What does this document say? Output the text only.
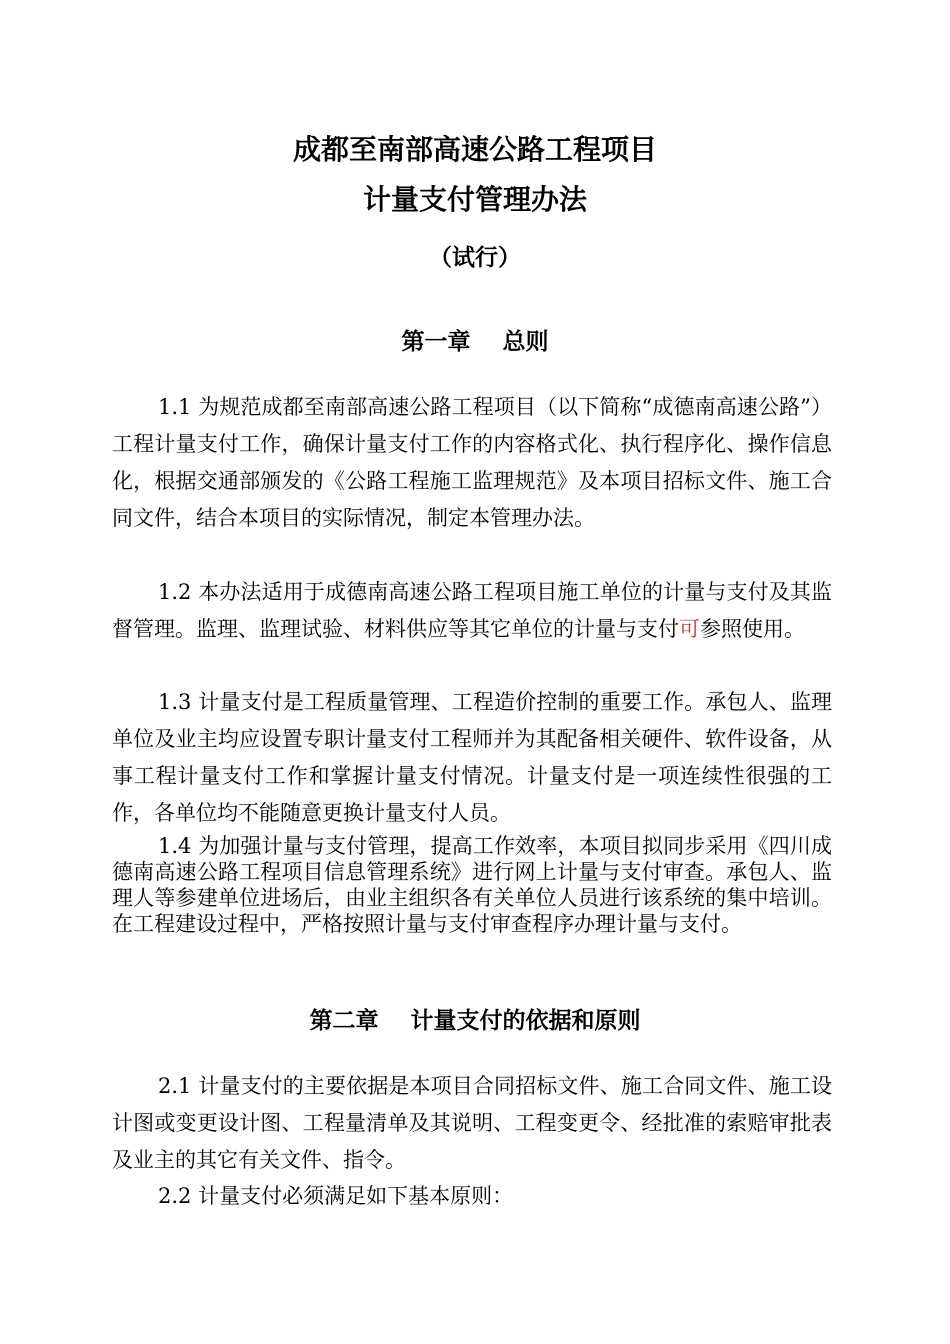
成都至南部高速公路工程项目
计量支付管理办法
（试行）
第一章    总则
1.1 为规范成都至南部高速公路工程项目（以下简称“成德南高速公路”）工程计量支付工作，确保计量支付工作的内容格式化、执行程序化、操作信息化，根据交通部颁发的《公路工程施工监理规范》及本项目招标文件、施工合同文件，结合本项目的实际情况，制定本管理办法。
1.2 本办法适用于成德南高速公路工程项目施工单位的计量与支付及其监督管理。监理、监理试验、材料供应等其它单位的计量与支付可参照使用。
1.3 计量支付是工程质量管理、工程造价控制的重要工作。承包人、监理单位及业主均应设置专职计量支付工程师并为其配备相关硬件、软件设备，从事工程计量支付工作和掌握计量支付情况。计量支付是一项连续性很强的工作，各单位均不能随意更换计量支付人员。
1.4 为加强计量与支付管理，提高工作效率，本项目拟同步采用《四川成德南高速公路工程项目信息管理系统》进行网上计量与支付审查。承包人、监理人等参建单位进场后，由业主组织各有关单位人员进行该系统的集中培训。在工程建设过程中，严格按照计量与支付审查程序办理计量与支付。
第二章    计量支付的依据和原则
2.1 计量支付的主要依据是本项目合同招标文件、施工合同文件、施工设计图或变更设计图、工程量清单及其说明、工程变更令、经批准的索赔审批表及业主的其它有关文件、指令。
2.2 计量支付必须满足如下基本原则：
